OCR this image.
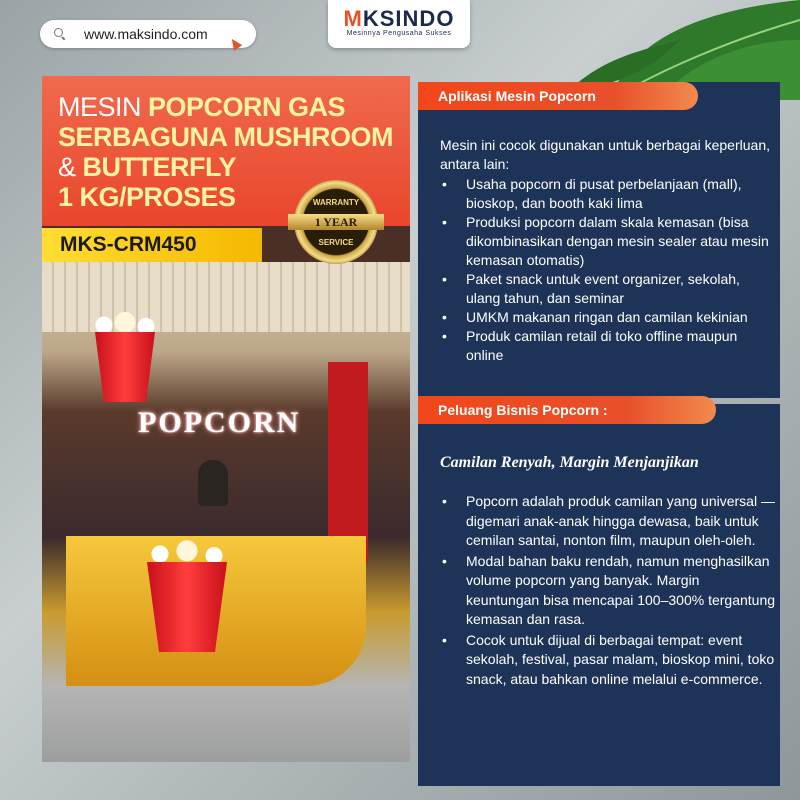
www.maksindo.com
MKSINDO
Mesinnya Pengusaha Sukses
MESIN POPCORN GAS
SERBAGUNA MUSHROOM
& BUTTERFLY
1 KG/PROSES
MKS-CRM450
POPCORN
WARRANTY
1 YEAR
SERVICE
Aplikasi Mesin Popcorn
Mesin ini cocok digunakan untuk berbagai keperluan, antara lain:
• Usaha popcorn di pusat perbelanjaan (mall), bioskop, dan booth kaki lima
• Produksi popcorn dalam skala kemasan (bisa dikombinasikan dengan mesin sealer atau mesin kemasan otomatis)
• Paket snack untuk event organizer, sekolah, ulang tahun, dan seminar
• UMKM makanan ringan dan camilan kekinian
• Produk camilan retail di toko offline maupun online
Peluang Bisnis Popcorn :
Camilan Renyah, Margin Menjanjikan
• Popcorn adalah produk camilan yang universal — digemari anak-anak hingga dewasa, baik untuk cemilan santai, nonton film, maupun oleh-oleh.
• Modal bahan baku rendah, namun menghasilkan volume popcorn yang banyak. Margin keuntungan bisa mencapai 100–300% tergantung kemasan dan rasa.
• Cocok untuk dijual di berbagai tempat: event sekolah, festival, pasar malam, bioskop mini, toko snack, atau bahkan online melalui e-commerce.
